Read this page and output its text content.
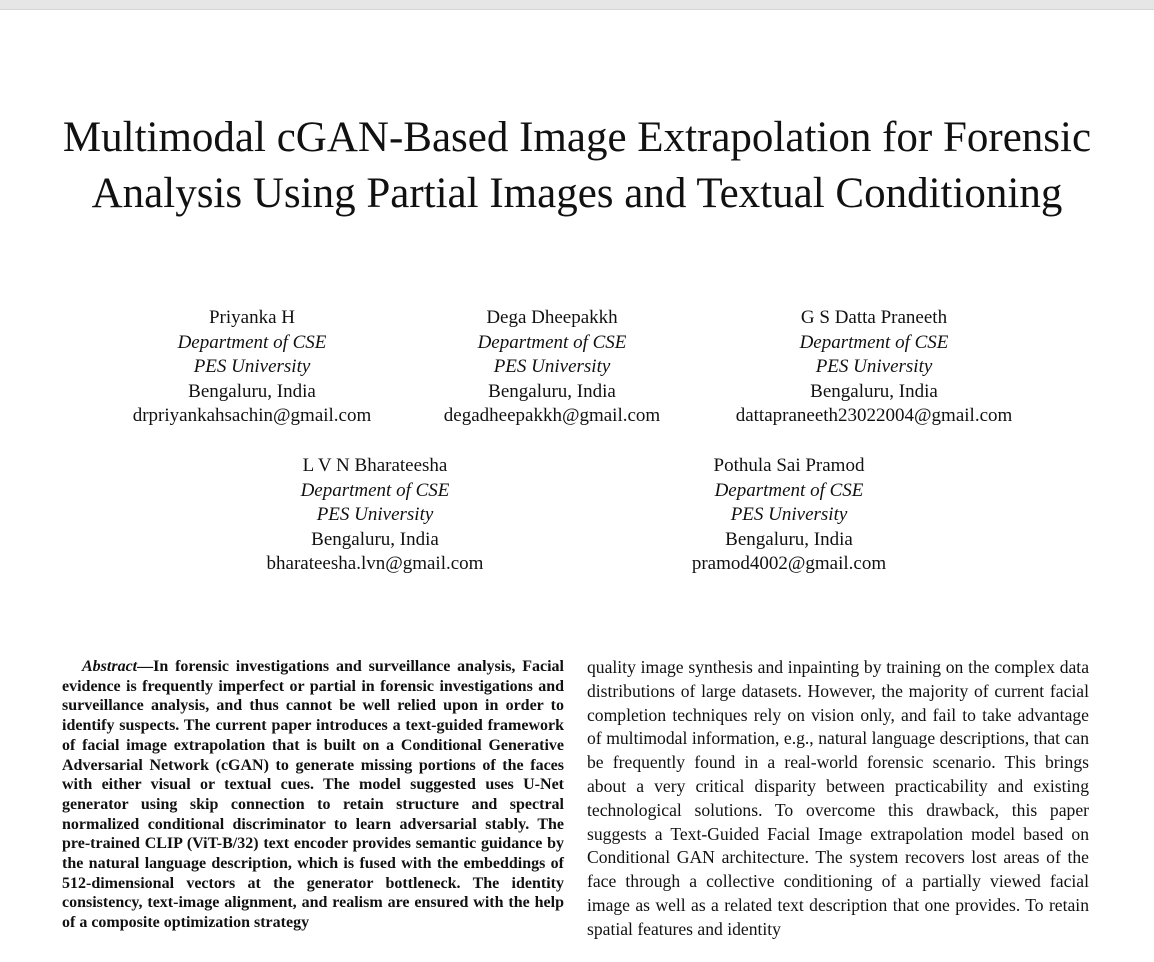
Multimodal cGAN-Based Image Extrapolation for Forensic Analysis Using Partial Images and Textual Conditioning
Priyanka H
Department of CSE
PES University
Bengaluru, India
drpriyankahsachin@gmail.com
Dega Dheepakkh
Department of CSE
PES University
Bengaluru, India
degadheepakkh@gmail.com
G S Datta Praneeth
Department of CSE
PES University
Bengaluru, India
dattapraneeth23022004@gmail.com
L V N Bharateesha
Department of CSE
PES University
Bengaluru, India
bharateesha.lvn@gmail.com
Pothula Sai Pramod
Department of CSE
PES University
Bengaluru, India
pramod4002@gmail.com

Abstract—In forensic investigations and surveillance analysis, Facial evidence is frequently imperfect or partial in forensic investigations and surveillance analysis, and thus cannot be well relied upon in order to identify suspects. The current paper introduces a text-guided framework of facial image extrapolation that is built on a Conditional Generative Adversarial Network (cGAN) to generate missing portions of the faces with either visual or textual cues. The model suggested uses U-Net generator using skip connection to retain structure and spectral normalized conditional discriminator to learn adversarial stably. The pre-trained CLIP (ViT-B/32) text encoder provides semantic guidance by the natural language description, which is fused with the embeddings of 512-dimensional vectors at the generator bottleneck. The identity consistency, text-image alignment, and realism are ensured with the help of a composite optimization strategy

quality image synthesis and inpainting by training on the complex data distributions of large datasets. However, the majority of current facial completion techniques rely on vision only, and fail to take advantage of multimodal information, e.g., natural language descriptions, that can be frequently found in a real-world forensic scenario. This brings about a very critical disparity between practicability and existing technological solutions. To overcome this drawback, this paper suggests a Text-Guided Facial Image extrapolation model based on Conditional GAN architecture. The system recovers lost areas of the face through a collective conditioning of a partially viewed facial image as well as a related text description that one provides. To retain spatial features and identity
